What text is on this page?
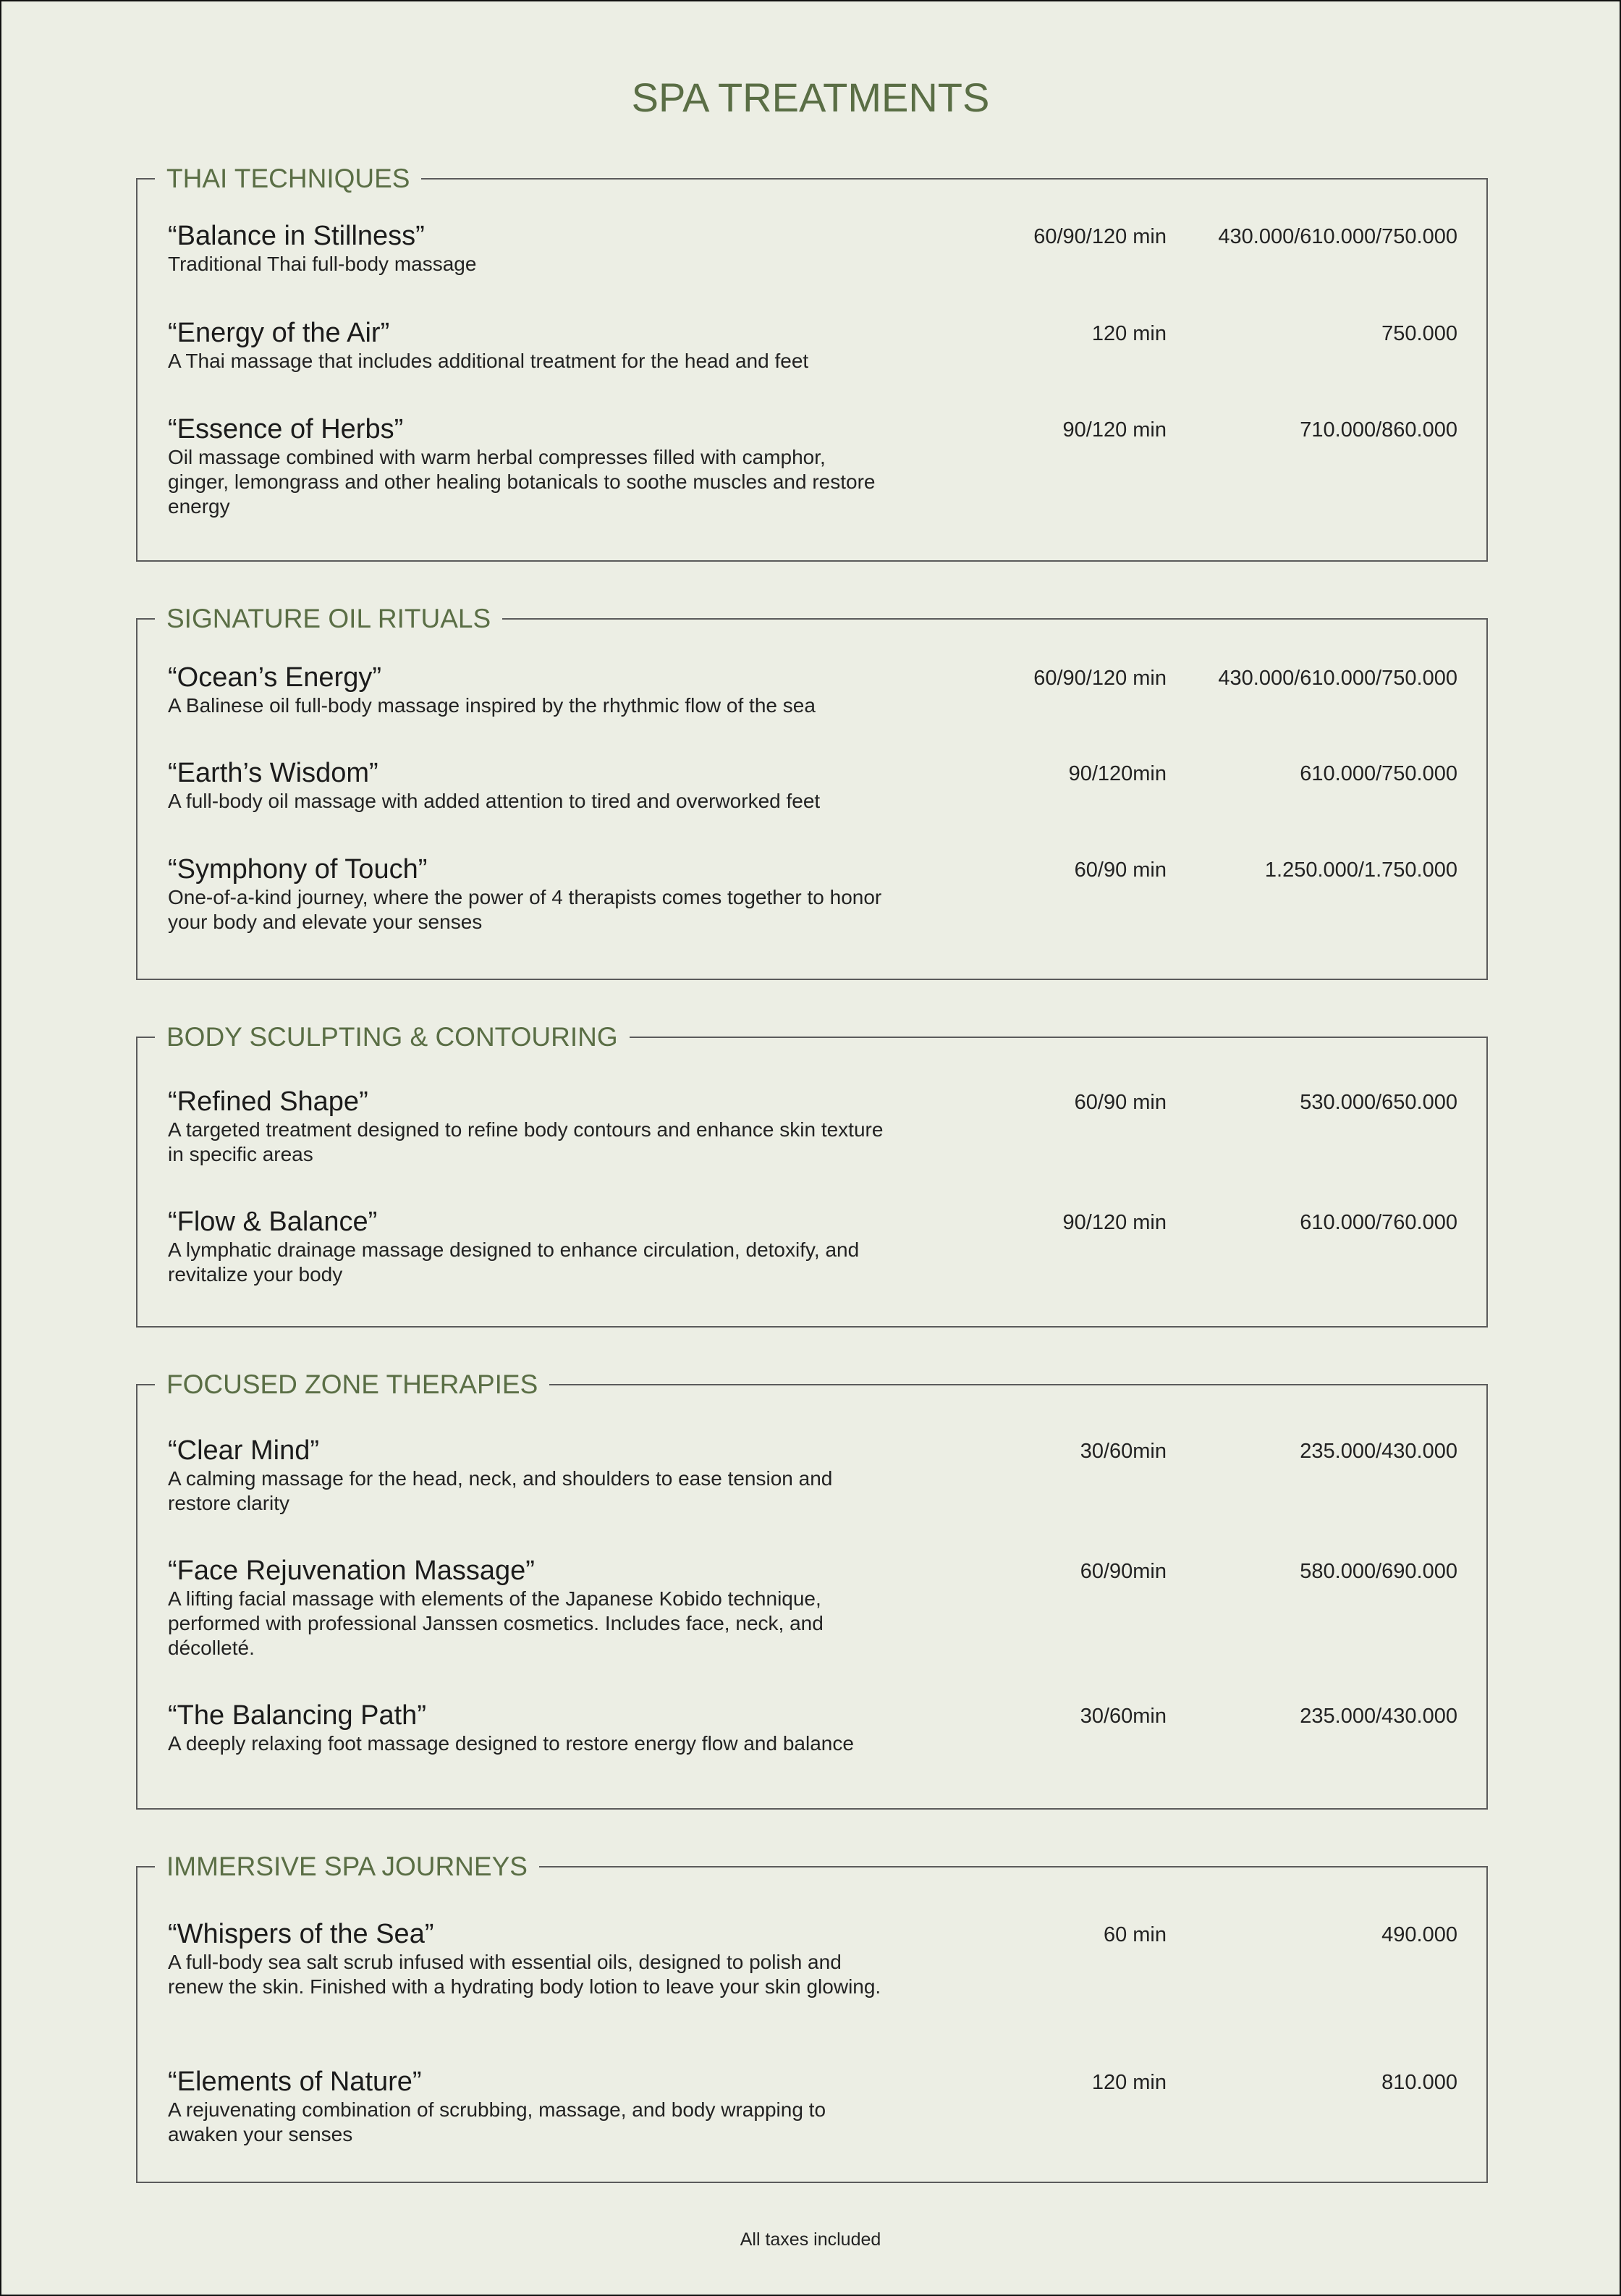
SPA TREATMENTS
THAI TECHNIQUES
“Balance in Stillness”
Traditional Thai full-body massage
60/90/120 min	430.000/610.000/750.000
“Energy of the Air”
A Thai massage that includes additional treatment for the head and feet
120 min	750.000
“Essence of Herbs”
Oil massage combined with warm herbal compresses filled with camphor, ginger, lemongrass and other healing botanicals to soothe muscles and restore energy
90/120 min	710.000/860.000
SIGNATURE OIL RITUALS
“Ocean’s Energy”
A Balinese oil full-body massage inspired by the rhythmic flow of the sea
60/90/120 min	430.000/610.000/750.000
“Earth’s Wisdom”
A full-body oil massage with added attention to tired and overworked feet
90/120min	610.000/750.000
“Symphony of Touch”
One-of-a-kind journey, where the power of 4 therapists comes together to honor your body and elevate your senses
60/90 min	1.250.000/1.750.000
BODY SCULPTING & CONTOURING
“Refined Shape”
A targeted treatment designed to refine body contours and enhance skin texture in specific areas
60/90 min	530.000/650.000
“Flow & Balance”
A lymphatic drainage massage designed to enhance circulation, detoxify, and revitalize your body
90/120 min	610.000/760.000
FOCUSED ZONE THERAPIES
“Clear Mind”
A calming massage for the head, neck, and shoulders to ease tension and restore clarity
30/60min	235.000/430.000
“Face Rejuvenation Massage”
A lifting facial massage with elements of the Japanese Kobido technique, performed with professional Janssen cosmetics. Includes face, neck, and décolleté.
60/90min	580.000/690.000
“The Balancing Path”
A deeply relaxing foot massage designed to restore energy flow and balance
30/60min	235.000/430.000
IMMERSIVE SPA JOURNEYS
“Whispers of the Sea”
A full-body sea salt scrub infused with essential oils, designed to polish and renew the skin. Finished with a hydrating body lotion to leave your skin glowing.
60 min	490.000
“Elements of Nature”
A rejuvenating combination of scrubbing, massage, and body wrapping to awaken your senses
120 min	810.000
All taxes included
